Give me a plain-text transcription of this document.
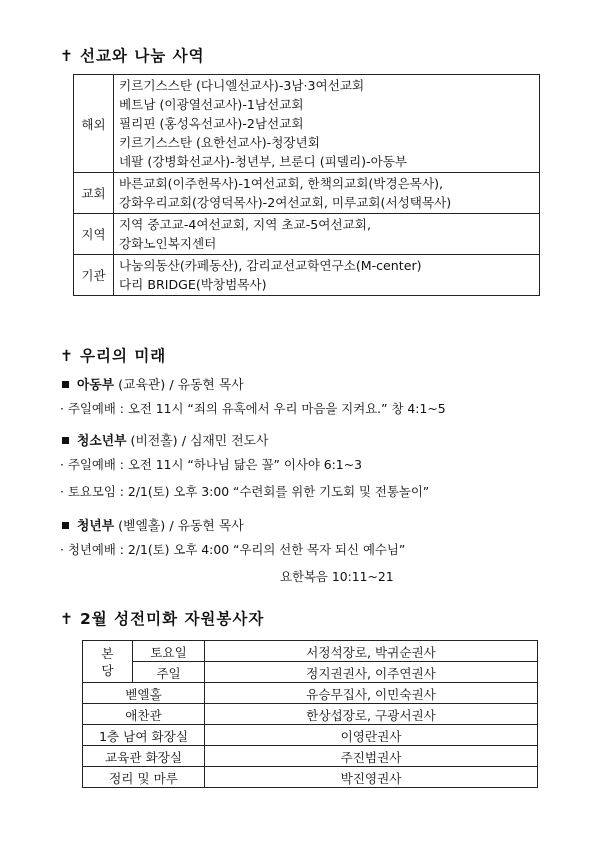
✝ 선교와 나눔 사역
해외	키르기스스탄 (다니엘선교사)-3남·3여선교회
베트남 (이광열선교사)-1남선교회
필리핀 (홍성옥선교사)-2남선교회
키르기스스탄 (요한선교사)-청장년회
네팔 (강병화선교사)-청년부, 브룬디 (피델리)-아동부

교회	바른교회(이주헌목사)-1여선교회, 한책의교회(박경은목사),
강화우리교회(강영덕목사)-2여선교회, 미루교회(서성택목사)

지역	지역 중고교-4여선교회, 지역 초교-5여선교회,
강화노인복지센터

기관	나눔의동산(카페동산), 감리교선교학연구소(M-center)
다리 BRIDGE(박창범목사)
✝ 우리의 미래
아동부 (교육관) / 유동현 목사
· 주일예배 : 오전 11시 “죄의 유혹에서 우리 마음을 지켜요.” 창 4:1~5
청소년부 (비전홀) / 심재민 전도사
· 주일예배 : 오전 11시 “하나님 닮은 꼴” 이사야 6:1~3
· 토요모임 : 2/1(토) 오후 3:00 “수련회를 위한 기도회 및 전통놀이”
청년부 (벧엘홀) / 유동현 목사
· 청년예배 : 2/1(토) 오후 4:00 “우리의 선한 목자 되신 예수님”
요한복음 10:11~21
✝ 2월 성전미화 자원봉사자
본
당	토요일	서정석장로, 박귀순권사
	주일	정지권권사, 이주연권사
벧엘홀		유승무집사, 이민숙권사
애찬관		한상섭장로, 구광서권사
1층 남여 화장실		이영란권사
교육관 화장실		주진범권사
정리 및 마루		박진영권사
